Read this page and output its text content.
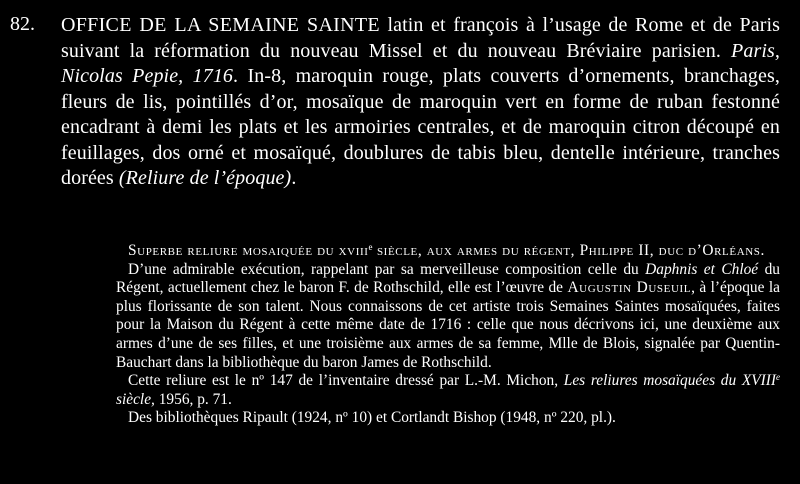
82. OFFICE DE LA SEMAINE SAINTE latin et françois à l’usage de Rome et de Paris suivant la réformation du nouveau Missel et du nouveau Bréviaire parisien. Paris, Nicolas Pepie, 1716. In-8, maroquin rouge, plats couverts d’ornements, branchages, fleurs de lis, pointillés d’or, mosaïque de maroquin vert en forme de ruban festonné encadrant à demi les plats et les armoiries centrales, et de maroquin citron découpé en feuillages, dos orné et mosaïqué, doublures de tabis bleu, dentelle intérieure, tranches dorées (Reliure de l’époque).

Superbe reliure mosaiquée du xviii$^e$ siècle, aux armes du régent, Philippe II, duc d’Orléans.

D’une admirable exécution, rappelant par sa merveilleuse composition celle du Daphnis et Chloé du Régent, actuellement chez le baron F. de Rothschild, elle est l’œuvre de Augustin Duseuil, à l’époque la plus florissante de son talent. Nous connaissons de cet artiste trois Semaines Saintes mosaïquées, faites pour la Maison du Régent à cette même date de 1716 : celle que nous décrivons ici, une deuxième aux armes d’une de ses filles, et une troisième aux armes de sa femme, Mlle de Blois, signalée par Quentin-Bauchart dans la bibliothèque du baron James de Rothschild.

Cette reliure est le nº 147 de l’inventaire dressé par L.-M. Michon, Les reliures mosaïquées du XVIIIe siècle, 1956, p. 71.

Des bibliothèques Ripault (1924, nº 10) et Cortlandt Bishop (1948, nº 220, pl.).
